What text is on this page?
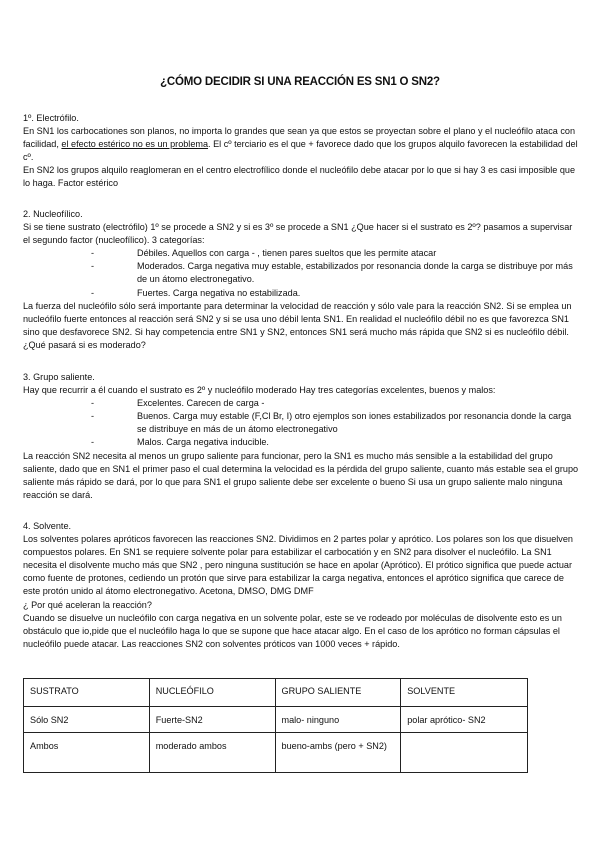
¿CÓMO DECIDIR SI UNA REACCIÓN ES SN1 O SN2?

1º. Electrófilo.

En SN1 los carbocationes son planos, no importa lo grandes que sean ya que estos se proyectan sobre el plano y el nucleófilo ataca con facilidad, el efecto estérico no es un problema. El cº terciario es el que + favorece dado que los grupos alquilo favorecen la estabilidad del cº.

En SN2 los grupos alquilo reaglomeran en el centro electrofílico donde el nucleófilo debe atacar por lo que si hay 3 es casi imposible que lo haga. Factor estérico

2. Nucleofílico.

Si se tiene sustrato (electrófilo) 1º se procede a SN2 y si es 3º se procede a SN1 ¿Que hacer si el sustrato es 2º? pasamos a supervisar el segundo factor (nucleofílico). 3 categorías:

- Débiles. Aquellos con carga - , tienen pares sueltos que les permite atacar
- Moderados. Carga negativa muy estable, estabilizados por resonancia donde la carga se distribuye por más de un átomo electronegativo.
- Fuertes. Carga negativa no estabilizada.

La fuerza del nucleófilo sólo será importante para determinar la velocidad de reacción y sólo vale para la reacción SN2. Si se emplea un nucleófilo fuerte entonces al reacción será SN2 y si se usa uno débil lenta SN1. En realidad el nucleófilo débil no es que favorezca SN1 sino que desfavorece SN2. Si hay competencia entre SN1 y SN2, entonces SN1 será mucho más rápida que SN2 si es nucleófilo débil. ¿Qué pasará si es moderado?

3. Grupo saliente.

Hay que recurrir a él cuando el sustrato es 2º y nucleófilo moderado Hay tres categorías excelentes, buenos y malos:

- Excelentes. Carecen de carga -
- Buenos. Carga muy estable (F,Cl Br, I) otro ejemplos son iones estabilizados por resonancia donde la carga se distribuye en más de un átomo electronegativo
- Malos. Carga negativa inducible.

La reacción SN2 necesita al menos un grupo saliente para funcionar, pero la SN1 es mucho más sensible a la estabilidad del grupo saliente, dado que en SN1 el primer paso el cual determina la velocidad es la pérdida del grupo saliente, cuanto más estable sea el grupo saliente más rápido se dará, por lo que para SN1 el grupo saliente debe ser excelente o bueno Si usa un grupo saliente malo ninguna reacción se dará.

4. Solvente.

Los solventes polares apróticos favorecen las reacciones SN2. Dividimos en 2 partes polar y aprótico. Los polares son los que disuelven compuestos polares. En SN1 se requiere solvente polar para estabilizar el carbocatión y en SN2 para disolver el nucleófilo. La SN1 necesita el disolvente mucho más que SN2 , pero ninguna sustitución se hace en apolar (Aprótico). El prótico significa que puede actuar como fuente de protones, cediendo un protón que sirve para estabilizar la carga negativa, entonces el aprótico significa que carece de este protón unido al átomo electronegativo. Acetona, DMSO, DMG DMF

¿ Por qué aceleran la reacción?

Cuando se disuelve un nucleófilo con carga negativa en un solvente polar, este se ve rodeado por moléculas de disolvente esto es un obstáculo que io,pide que el nucleófilo haga lo que se supone que hace atacar algo. En el caso de los aprótico no forman cápsulas el nucleófilo puede atacar. Las reacciones SN2 con solventes próticos van 1000 veces + rápido.

SUSTRATO	NUCLEÓFILO	GRUPO SALIENTE	SOLVENTE
Sólo SN2	Fuerte-SN2	malo- ninguno	polar aprótico- SN2
Ambos	moderado ambos	bueno-ambs (pero + SN2)	
